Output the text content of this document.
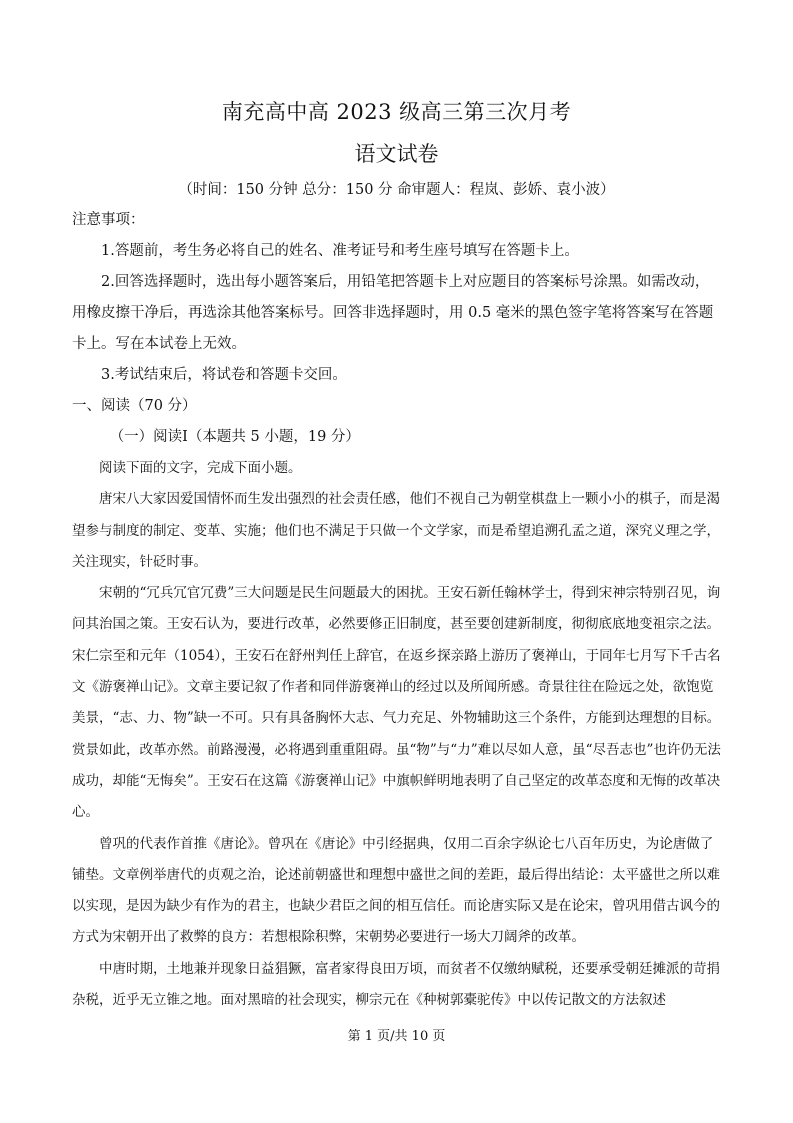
南充高中高 2023 级高三第三次月考
语文试卷
（时间：150 分钟 总分：150 分 命审题人：程岚、彭娇、袁小波）

注意事项：

1.答题前，考生务必将自己的姓名、准考证号和考生座号填写在答题卡上。

2.回答选择题时，选出每小题答案后，用铅笔把答题卡上对应题目的答案标号涂黑。如需改动，用橡皮擦干净后，再选涂其他答案标号。回答非选择题时，用 0.5 毫米的黑色签字笔将答案写在答题卡上。写在本试卷上无效。

3.考试结束后，将试卷和答题卡交回。

一、阅读（70 分）

（一）阅读Ⅰ（本题共 5 小题，19 分）

阅读下面的文字，完成下面小题。

唐宋八大家因爱国情怀而生发出强烈的社会责任感，他们不视自己为朝堂棋盘上一颗小小的棋子，而是渴望参与制度的制定、变革、实施；他们也不满足于只做一个文学家，而是希望追溯孔孟之道，深究义理之学，关注现实，针砭时事。

宋朝的“冗兵冗官冗费”三大问题是民生问题最大的困扰。王安石新任翰林学士，得到宋神宗特别召见，询问其治国之策。王安石认为，要进行改革，必然要修正旧制度，甚至要创建新制度，彻彻底底地变祖宗之法。宋仁宗至和元年（1054），王安石在舒州判任上辞官，在返乡探亲路上游历了褒禅山，于同年七月写下千古名文《游褒禅山记》。文章主要记叙了作者和同伴游褒禅山的经过以及所闻所感。奇景往往在险远之处，欲饱览美景，“志、力、物”缺一不可。只有具备胸怀大志、气力充足、外物辅助这三个条件，方能到达理想的目标。赏景如此，改革亦然。前路漫漫，必将遇到重重阻碍。虽“物”与“力”难以尽如人意，虽“尽吾志也”也许仍无法成功，却能“无悔矣”。王安石在这篇《游褒禅山记》中旗帜鲜明地表明了自己坚定的改革态度和无悔的改革决心。

曾巩的代表作首推《唐论》。曾巩在《唐论》中引经据典，仅用二百余字纵论七八百年历史，为论唐做了铺垫。文章例举唐代的贞观之治，论述前朝盛世和理想中盛世之间的差距，最后得出结论：太平盛世之所以难以实现，是因为缺少有作为的君主，也缺少君臣之间的相互信任。而论唐实际又是在论宋，曾巩用借古讽今的方式为宋朝开出了救弊的良方：若想根除积弊，宋朝势必要进行一场大刀阔斧的改革。

中唐时期，土地兼并现象日益猖獗，富者家得良田万顷，而贫者不仅缴纳赋税，还要承受朝廷摊派的苛捐杂税，近乎无立锥之地。面对黑暗的社会现实，柳宗元在《种树郭橐驼传》中以传记散文的方法叙述

第 1 页/共 10 页
